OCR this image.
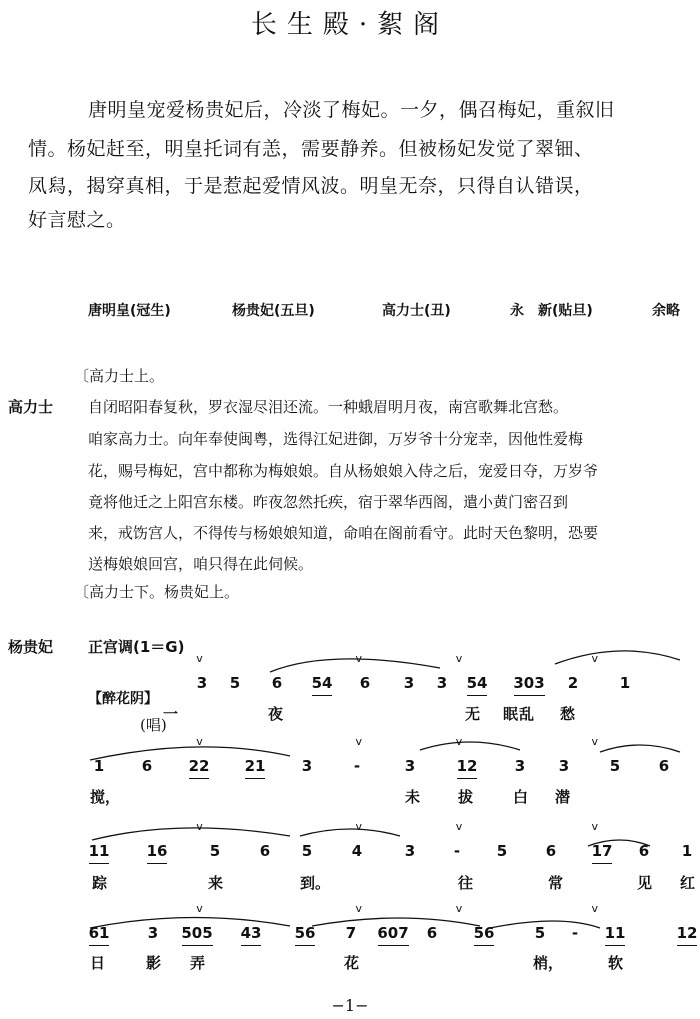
长生殿·絮阁
唐明皇宠爱杨贵妃后，冷淡了梅妃。一夕，偶召梅妃，重叙旧
情。杨妃赶至，明皇托词有恙，需要静养。但被杨妃发觉了翠钿、
凤舄，揭穿真相，于是惹起爱情风波。明皇无奈，只得自认错误，
好言慰之。
唐明皇(冠生)	杨贵妃(五旦)	高力士(丑)	永　新(贴旦)	余略
〔高力士上。
高力士 自闭昭阳春复秋，罗衣湿尽泪还流。一种蛾眉明月夜，南宫歌舞北宫愁。
咱家高力士。向年奉使闽粤，选得江妃进御，万岁爷十分宠幸，因他性爱梅
花，赐号梅妃，宫中都称为梅娘娘。自从杨娘娘入侍之后，宠爱日夺，万岁爷
竟将他迁之上阳宫东楼。昨夜忽然托疾，宿于翠华西阁，遣小黄门密召到
来，戒饬宫人，不得传与杨娘娘知道，命咱在阁前看守。此时天色黎明，恐要
送梅娘娘回宫，咱只得在此伺候。
〔高力士下。杨贵妃上。
杨贵妃 正宫调(1＝G)
【醉花阴】
(唱)
3 5 6 54 6 3 3 54 303 2	1
一	夜	无 眠 乱 愁
v	v	v	v
1	6 22 21 3	-	3	12 3 3	5	6
搅，	未	拔	白 潜
v	v	v	v
11 16	5	6 5	4	3	- 5	6 17 6 1
踪	来	到。	往	常	见 红
v	v	v	v
61	3 505 43 56 7 607 6 56	5 - 11	12
日	影 弄	花	梢，	软
v	v	v	v
−1−
